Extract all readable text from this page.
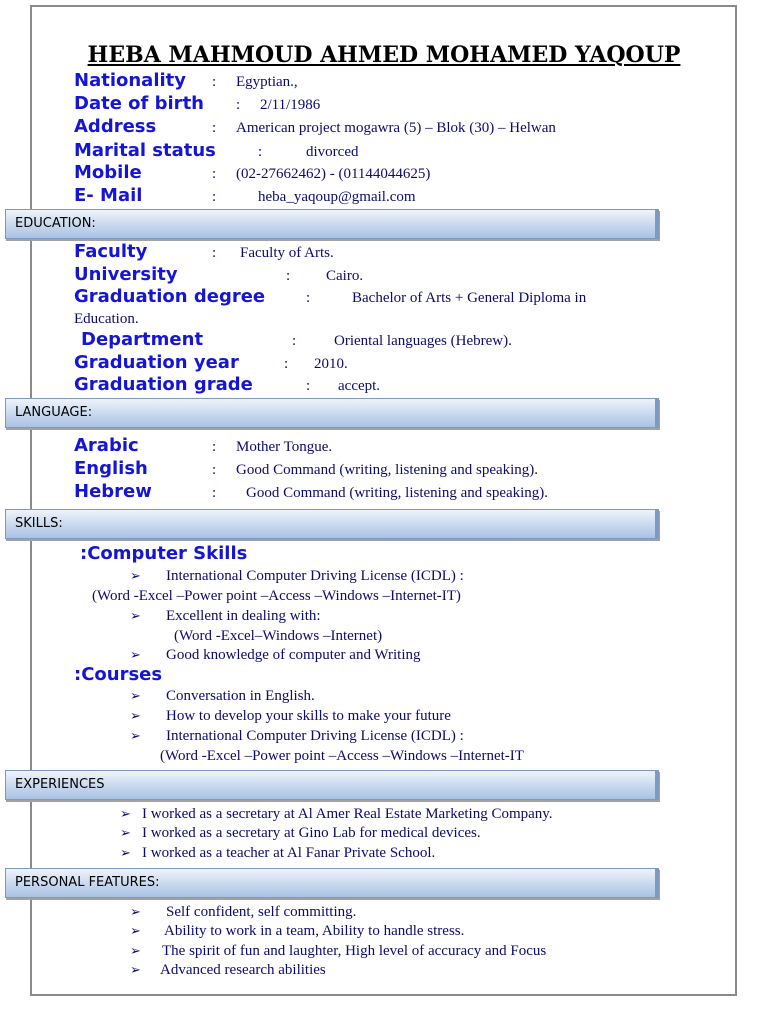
HEBA MAHMOUD AHMED MOHAMED YAQOUP
Nationality : Egyptian.,
Date of birth : 2/11/1986
Address	: American project mogawra (5) – Blok (30) – Helwan
Marital status	:	divorced
Mobile	: (02-27662462) - (01144044625)
E- Mail	:	heba_yaqoup@gmail.com
EDUCATION:
Faculty	: Faculty of Arts.
University	: Cairo.
Graduation degree	:	Bachelor of Arts + General Diploma in
Education.
Department	:	Oriental languages (Hebrew).
Graduation year	: 2010.
Graduation grade	: accept.
LANGUAGE:
Arabic	: Mother Tongue.
English	: Good Command (writing, listening and speaking).
Hebrew	: Good Command (writing, listening and speaking).
SKILLS:
:Computer Skills
➢ International Computer Driving License (ICDL) :
(Word -Excel –Power point –Access –Windows –Internet-IT)
➢ Excellent in dealing with:
(Word -Excel–Windows –Internet)
➢ Good knowledge of computer and Writing
:Courses
➢ Conversation in English.
➢ How to develop your skills to make your future
➢ International Computer Driving License (ICDL) :
(Word -Excel –Power point –Access –Windows –Internet-IT
EXPERIENCES
➢ I worked as a secretary at Al Amer Real Estate Marketing Company.
➢ I worked as a secretary at Gino Lab for medical devices.
➢ I worked as a teacher at Al Fanar Private School.
PERSONAL FEATURES:
➢ Self confident, self committing.
➢ Ability to work in a team, Ability to handle stress.
➢ The spirit of fun and laughter, High level of accuracy and Focus
➢ Advanced research abilities
